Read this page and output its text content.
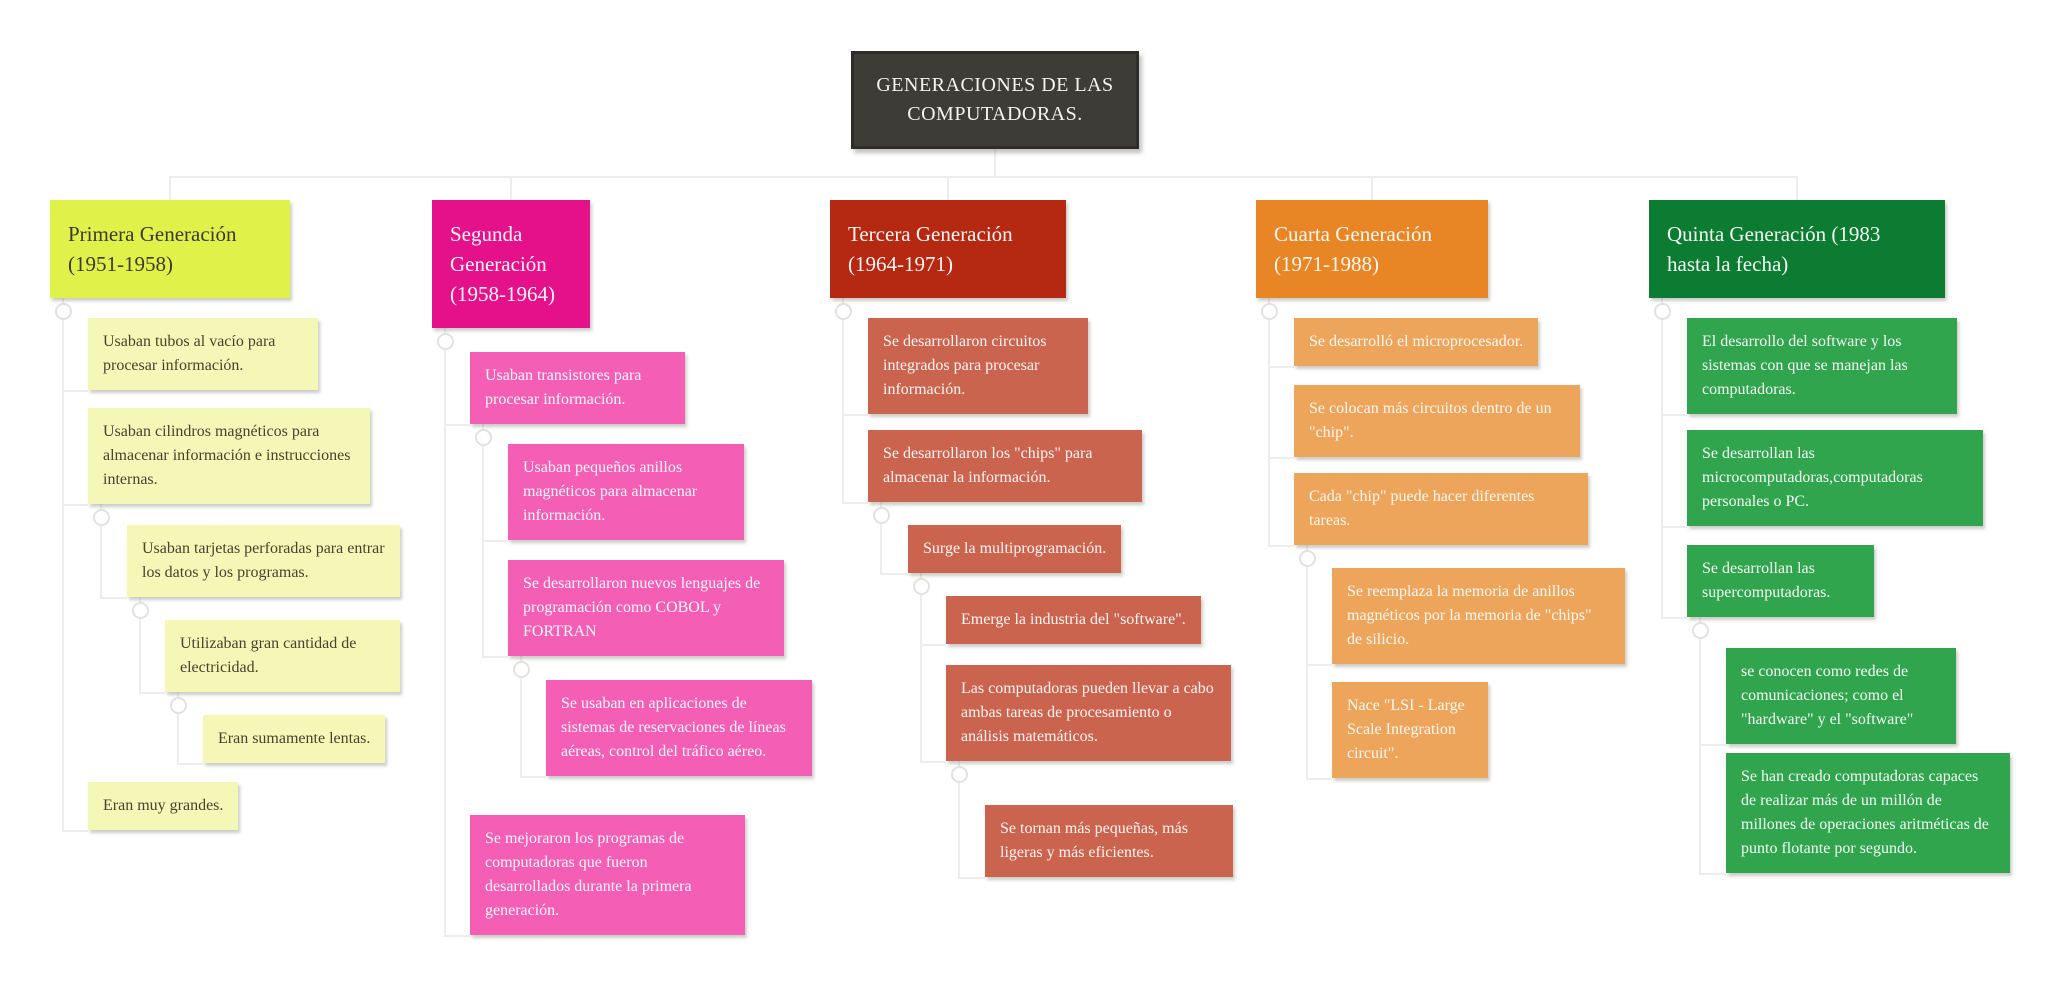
GENERACIONES DE LAS COMPUTADORAS.
Primera Generación (1951-1958)
Usaban tubos al vacío para procesar información.
Usaban cilindros magnéticos para almacenar información e instrucciones internas.
Usaban tarjetas perforadas para entrar los datos y los programas.
Utilizaban gran cantidad de electricidad.
Eran sumamente lentas.
Eran muy grandes.
Segunda Generación (1958-1964)
Usaban transistores para procesar información.
Usaban pequeños anillos magnéticos para almacenar información.
Se desarrollaron nuevos lenguajes de programación como COBOL y FORTRAN
Se usaban en aplicaciones de sistemas de reservaciones de líneas aéreas, control del tráfico aéreo.
Se mejoraron los programas de computadoras que fueron desarrollados durante la primera generación.
Tercera Generación (1964-1971)
Se desarrollaron circuitos integrados para procesar información.
Se desarrollaron los "chips" para almacenar la información.
Surge la multiprogramación.
Emerge la industria del "software".
Las computadoras pueden llevar a cabo ambas tareas de procesamiento o análisis matemáticos.
Se tornan más pequeñas, más ligeras y más eficientes.
Cuarta Generación (1971-1988)
Se desarrolló el microprocesador.
Se colocan más circuitos dentro de un "chip".
Cada "chip" puede hacer diferentes tareas.
Se reemplaza la memoria de anillos magnéticos por la memoria de "chips" de silicio.
Nace "LSI - Large Scale Integration circuit".
Quinta Generación (1983 hasta la fecha)
El desarrollo del software y los sistemas con que se manejan las computadoras.
Se desarrollan las microcomputadoras,computadoras personales o PC.
Se desarrollan las supercomputadoras.
se conocen como redes de comunicaciones; como el "hardware" y el "software"
Se han creado computadoras capaces de realizar más de un millón de millones de operaciones aritméticas de punto flotante por segundo.
